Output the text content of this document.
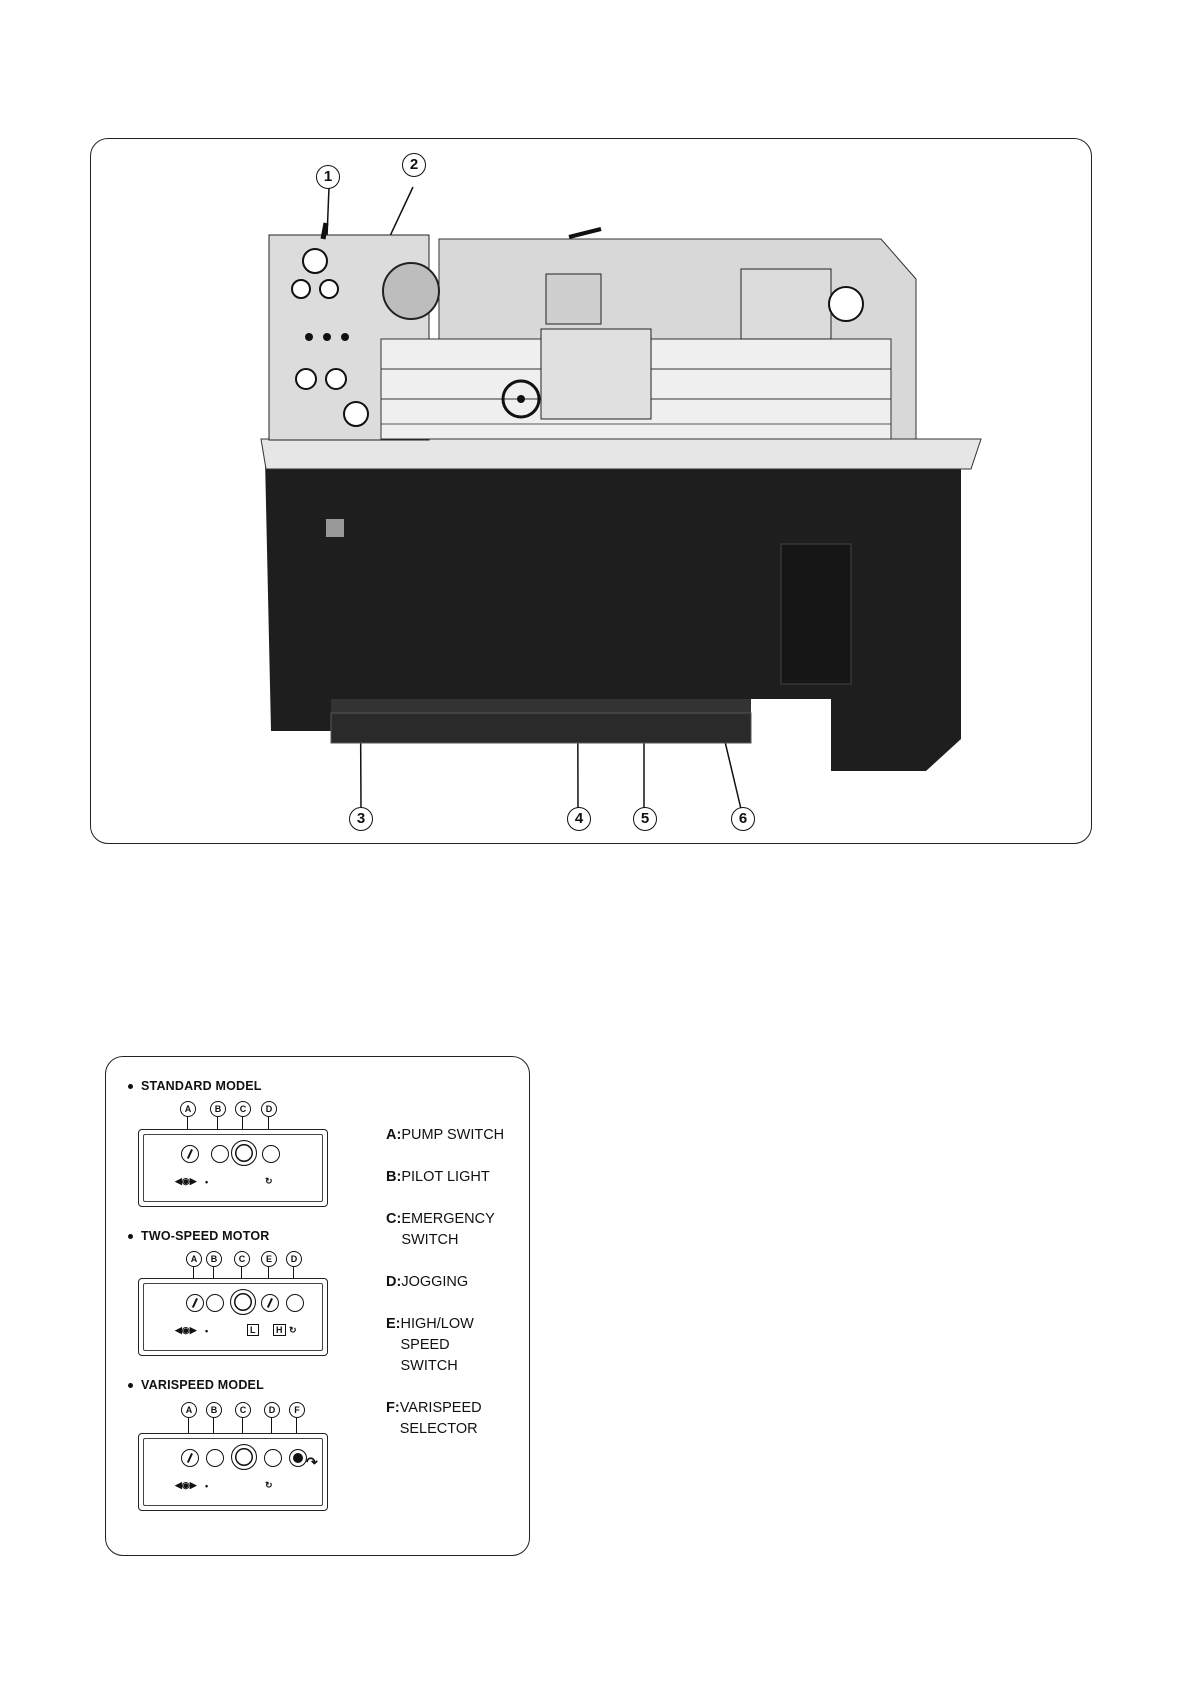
1
2
3	4	5	6
STANDARD MODEL
A	B	C	D
◀◉▶ •	↻
TWO-SPEED MOTOR
A	B	C	E	D
◀◉▶ •	L	H ↻
VARISPEED MODEL
A	B	C	D	F
↷
◀◉▶ •	↻
A:PUMP SWITCH
B:PILOT LIGHT
C:EMERGENCY
SWITCH
D:JOGGING
E:HIGH/LOW
SPEED
SWITCH
F:VARISPEED
SELECTOR
